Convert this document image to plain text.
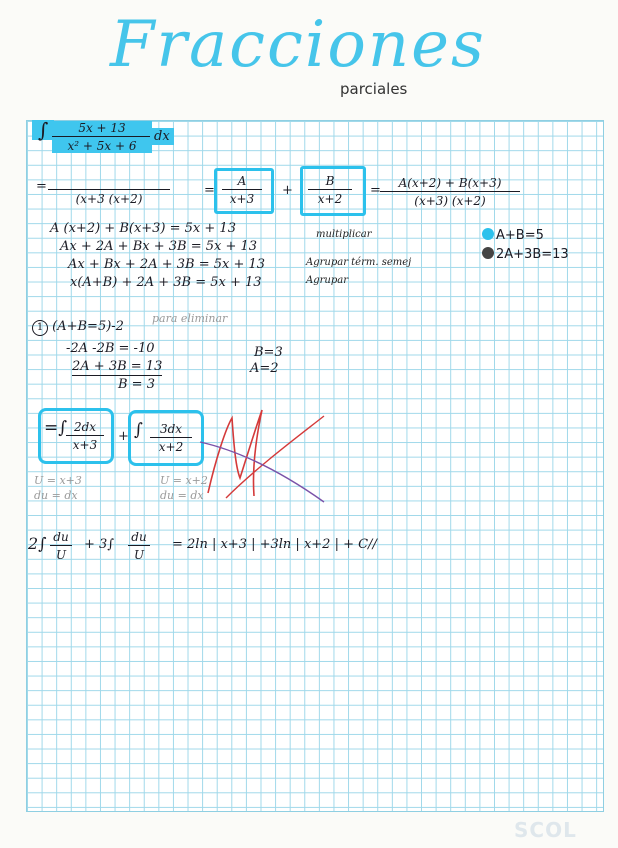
Fracciones
parciales
∫ $\frac{5x + 13}{\text{x² + 5x + 6}}$ dx
=
(x+3 (x+2)
= $\frac{A}{x+3} + \frac{B}{x+2} = \frac{A(x+2) + B(x+3)}{(x+3) (x+2)}$
A (x+2) + B(x+3) = 5x + 13	multiplicar
Ax + 2A + Bx + 3B = 5x + 13
Ax + Bx + 2A + 3B = 5x + 13	Agrupar térm. semej
x(A+B) + 2A + 3B = 5x + 13	Agrupar
A+B=5
2A+3B=13
1 (A+B=5)-2
para eliminar
-2A -2B = -10
2A + 3B = 13
B = 3
B=3
A=2
=∫
$\frac{2dx}{x+3}$ + ∫ $\frac{3dx}{x+2}$
U = x+3
du = dx
U = x+2
du = dx
$2\int \frac{du}{U} + 3\int \frac{du}{U} = 2\ln$ | x+3 | +3ln | x+2 | + C//
SCOL
